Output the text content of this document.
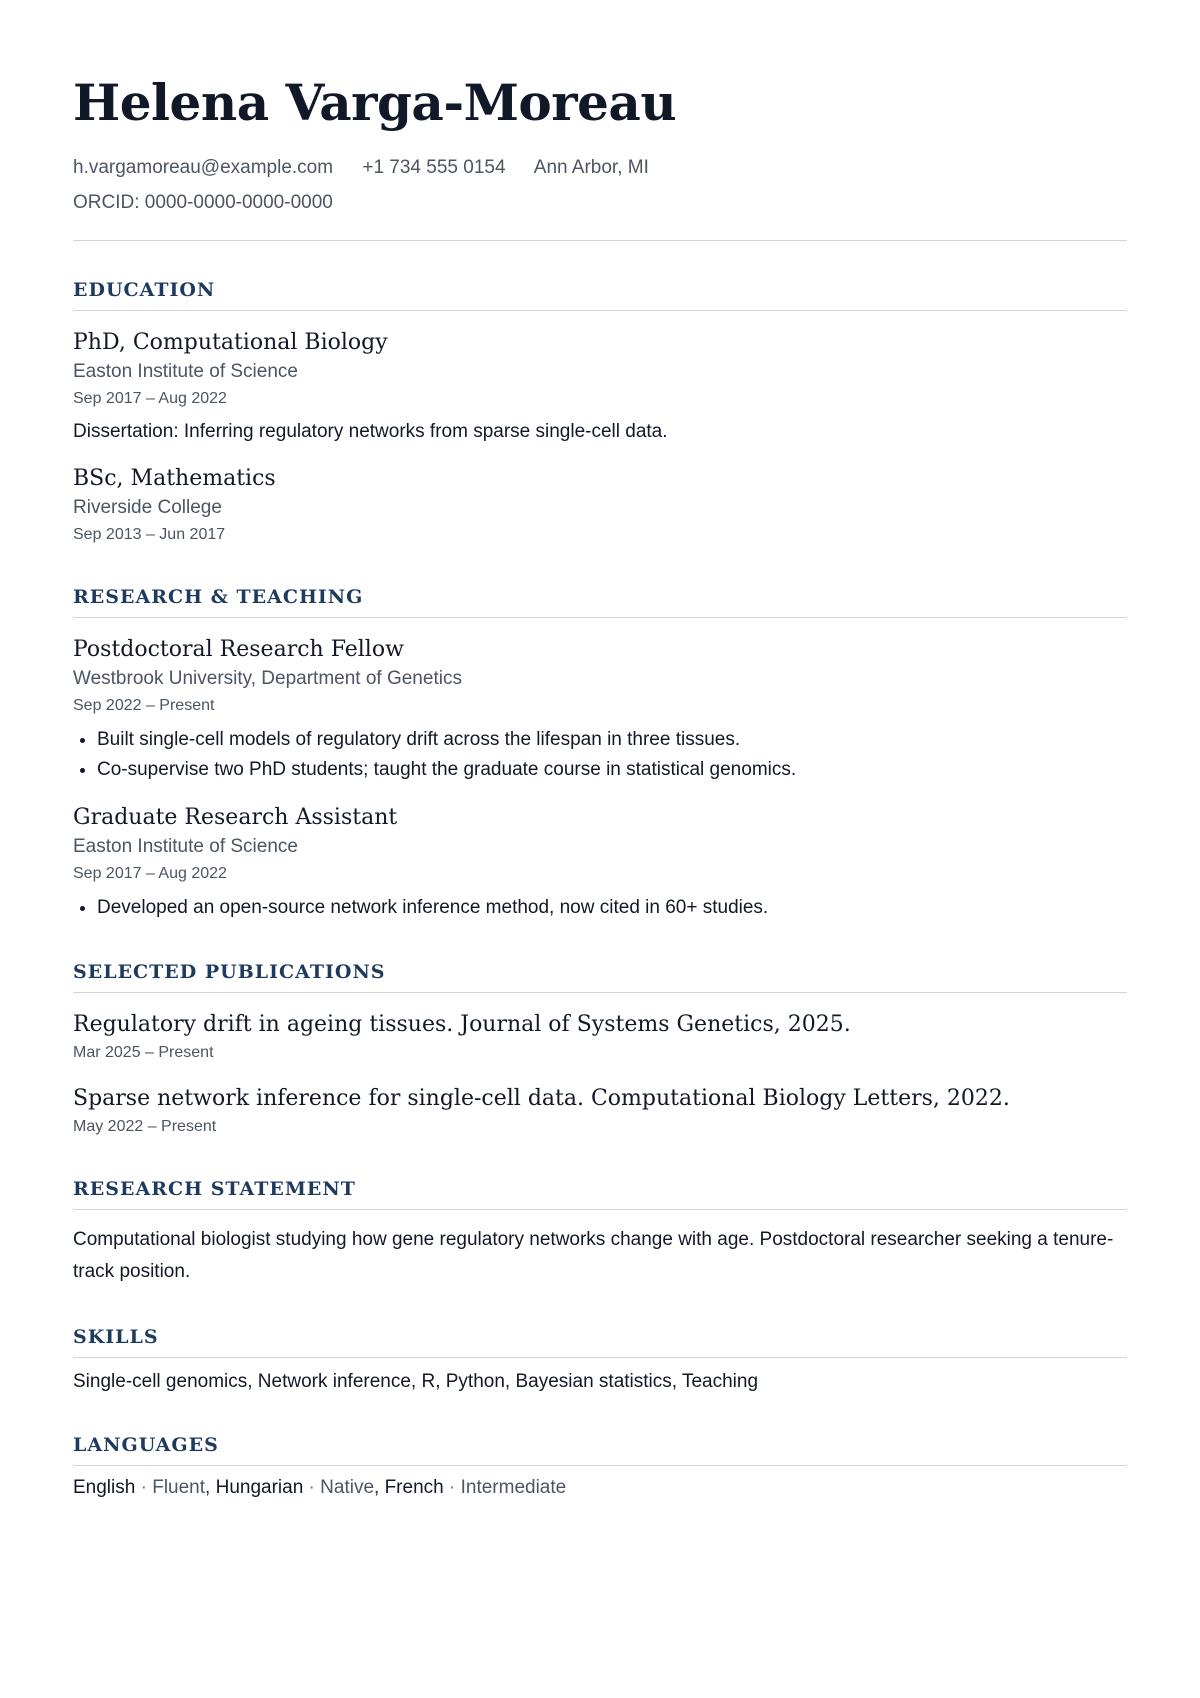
Helena Varga-Moreau
h.vargamoreau@example.com +1 734 555 0154 Ann Arbor, MI
ORCID: 0000-0000-0000-0000
EDUCATION
PhD, Computational Biology
Easton Institute of Science
Sep 2017 – Aug 2022
Dissertation: Inferring regulatory networks from sparse single-cell data.
BSc, Mathematics
Riverside College
Sep 2013 – Jun 2017
RESEARCH & TEACHING
Postdoctoral Research Fellow
Westbrook University, Department of Genetics
Sep 2022 – Present
• Built single-cell models of regulatory drift across the lifespan in three tissues.
• Co-supervise two PhD students; taught the graduate course in statistical genomics.
Graduate Research Assistant
Easton Institute of Science
Sep 2017 – Aug 2022
• Developed an open-source network inference method, now cited in 60+ studies.
SELECTED PUBLICATIONS
Regulatory drift in ageing tissues. Journal of Systems Genetics, 2025.
Mar 2025 – Present
Sparse network inference for single-cell data. Computational Biology Letters, 2022.
May 2022 – Present
RESEARCH STATEMENT
Computational biologist studying how gene regulatory networks change with age. Postdoctoral researcher seeking a tenure-track position.
SKILLS
Single-cell genomics, Network inference, R, Python, Bayesian statistics, Teaching
LANGUAGES
English · Fluent, Hungarian · Native, French · Intermediate
